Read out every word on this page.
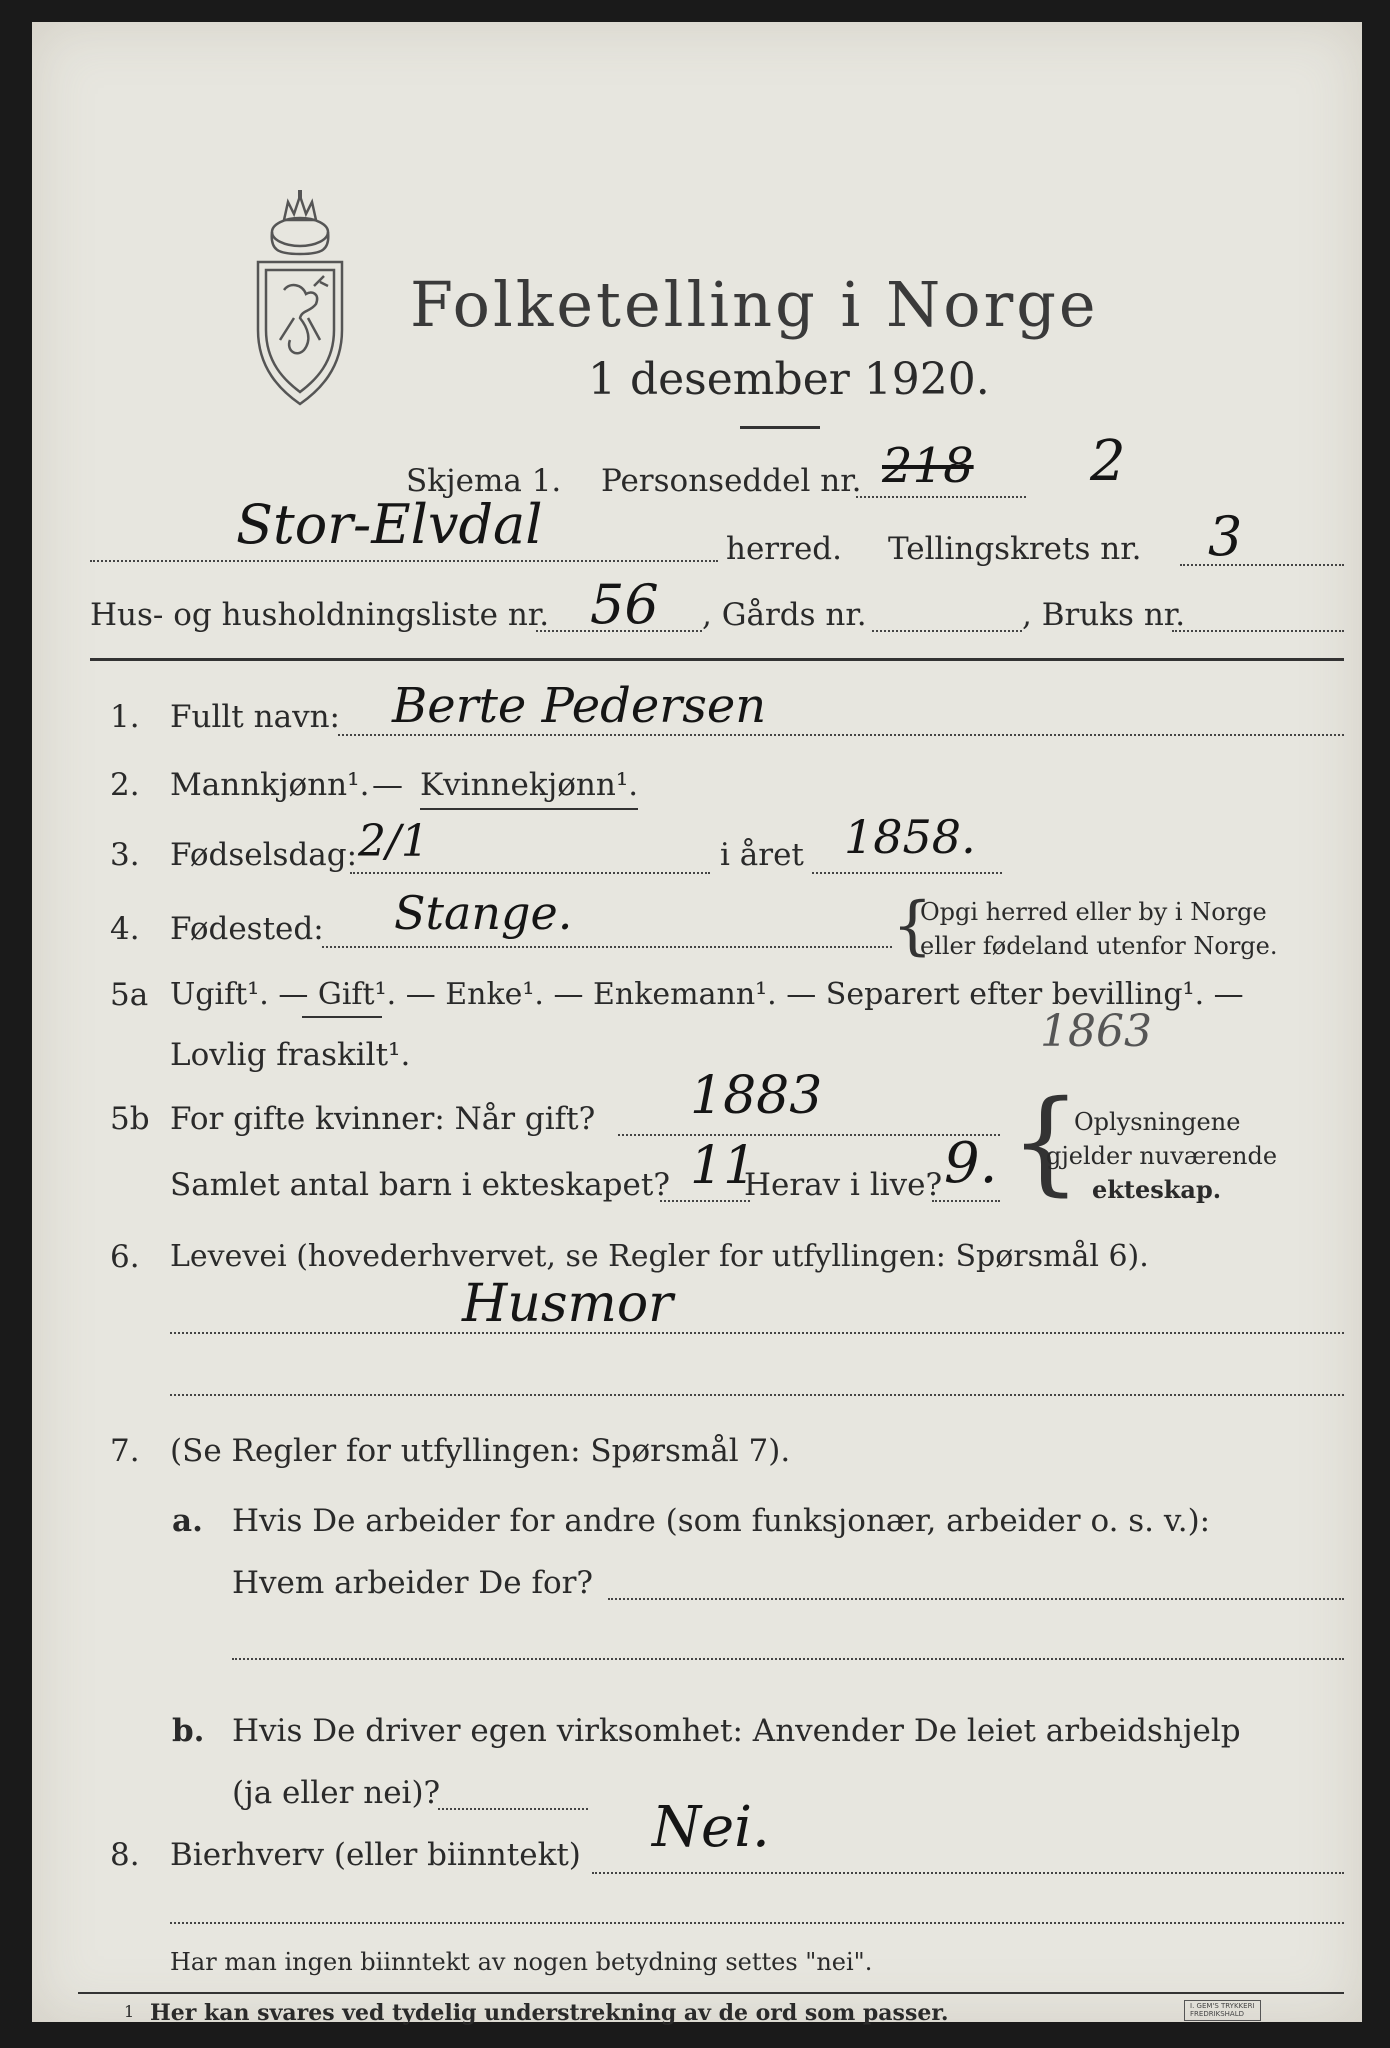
Folketelling i Norge
1 desember 1920.
Skjema 1. Personseddel nr. 218 2
Stor-Elvdal	herred. Tellingskrets nr. 3
Hus- og husholdningsliste nr. 56 , Gårds nr.	, Bruks nr.
1. Fullt navn: Berte Pedersen
2. Mannkjønn¹. — Kvinnekjønn¹.
3. Fødselsdag: 2/1	i året 1858.
4. Fødested: Stange.	{
Opgi herred eller by i Norge
eller fødeland utenfor Norge.
5a Ugift¹. — Gift¹. — Enke¹. — Enkemann¹. — Separert efter bevilling¹. —
Lovlig fraskilt¹.	1863
5b For gifte kvinner: Når gift? 1883
Samlet antal barn i ekteskapet? 11
Herav i live? 9. {
Oplysningene
gjelder nuværende
ekteskap.
6. Levevei (hovederhvervet, se Regler for utfyllingen: Spørsmål 6).
Husmor
7. (Se Regler for utfyllingen: Spørsmål 7).
a. Hvis De arbeider for andre (som funksjonær, arbeider o. s. v.):
Hvem arbeider De for?
b. Hvis De driver egen virksomhet: Anvender De leiet arbeidshjelp
(ja eller nei)?
8. Bierhverv (eller biinntekt) Nei.
Har man ingen biinntekt av nogen betydning settes "nei".
1 Her kan svares ved tydelig understrekning av de ord som passer.	I. GEM'S TRYKKERI
FREDRIKSHALD
